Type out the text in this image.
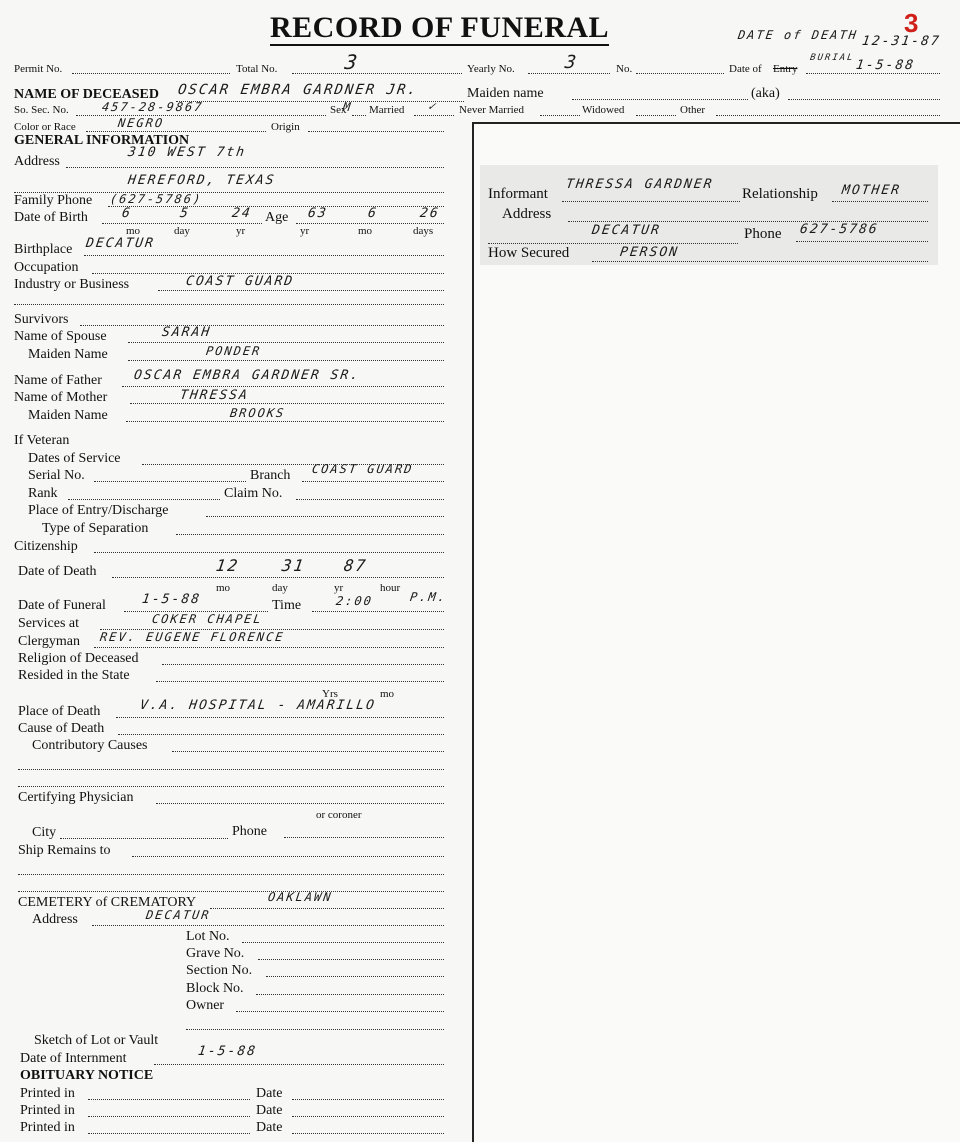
RECORD OF FUNERAL	3
DATE of DEATH 12-31-87
BURIAL 1-5-88
Permit No.	Total No.	3	Yearly No.	3	No.	Date of Entry
NAME OF DECEASED OSCAR EMBRA GARDNER JR.	Maiden name	(aka)
So. Sec. No.	457-28-9867	Sex
M Married ✓ Never Married	Widowed	Other
Color or Race	NEGRO	Origin
Informant
THRESSA GARDNER
Relationship MOTHER
Address
DECATUR	Phone 627-5786
How Secured	PERSON
GENERAL INFORMATION
Address
310 WEST 7th
HEREFORD, TEXAS
Family Phone (627-5786)
Date of Birth	6	5	24 Age 63	6	26
mo	day	yr	yr	mo	days
Birthplace DECATUR
Occupation
Industry or Business	COAST GUARD
Survivors
Name of Spouse	SARAH
Maiden Name	PONDER
Name of Father OSCAR EMBRA GARDNER SR.
Name of Mother	THRESSA
Maiden Name	BROOKS
If Veteran
Dates of Service
Serial No.	Branch COAST GUARD
Rank	Claim No.
Place of Entry/Discharge
Type of Separation
Citizenship
Date of Death	12	31 87
mo	day	yr	hour
Date of Funeral	1-5-88	Time	2:00	P.M.
Services at	COKER CHAPEL
Clergyman REV. EUGENE FLORENCE
Religion of Deceased
Resided in the State
Yrs	mo
Place of Death	V.A. HOSPITAL - AMARILLO
Cause of Death
Contributory Causes
Certifying Physician
or coroner
City	Phone
Ship Remains to
CEMETERY of CREMATORY	OAKLAWN
Address	DECATUR
Lot No.
Grave No.
Section No.
Block No.
Owner
Sketch of Lot or Vault
Date of Internment	1-5-88
OBITUARY NOTICE
Printed in	Date
Printed in	Date
Printed in	Date
